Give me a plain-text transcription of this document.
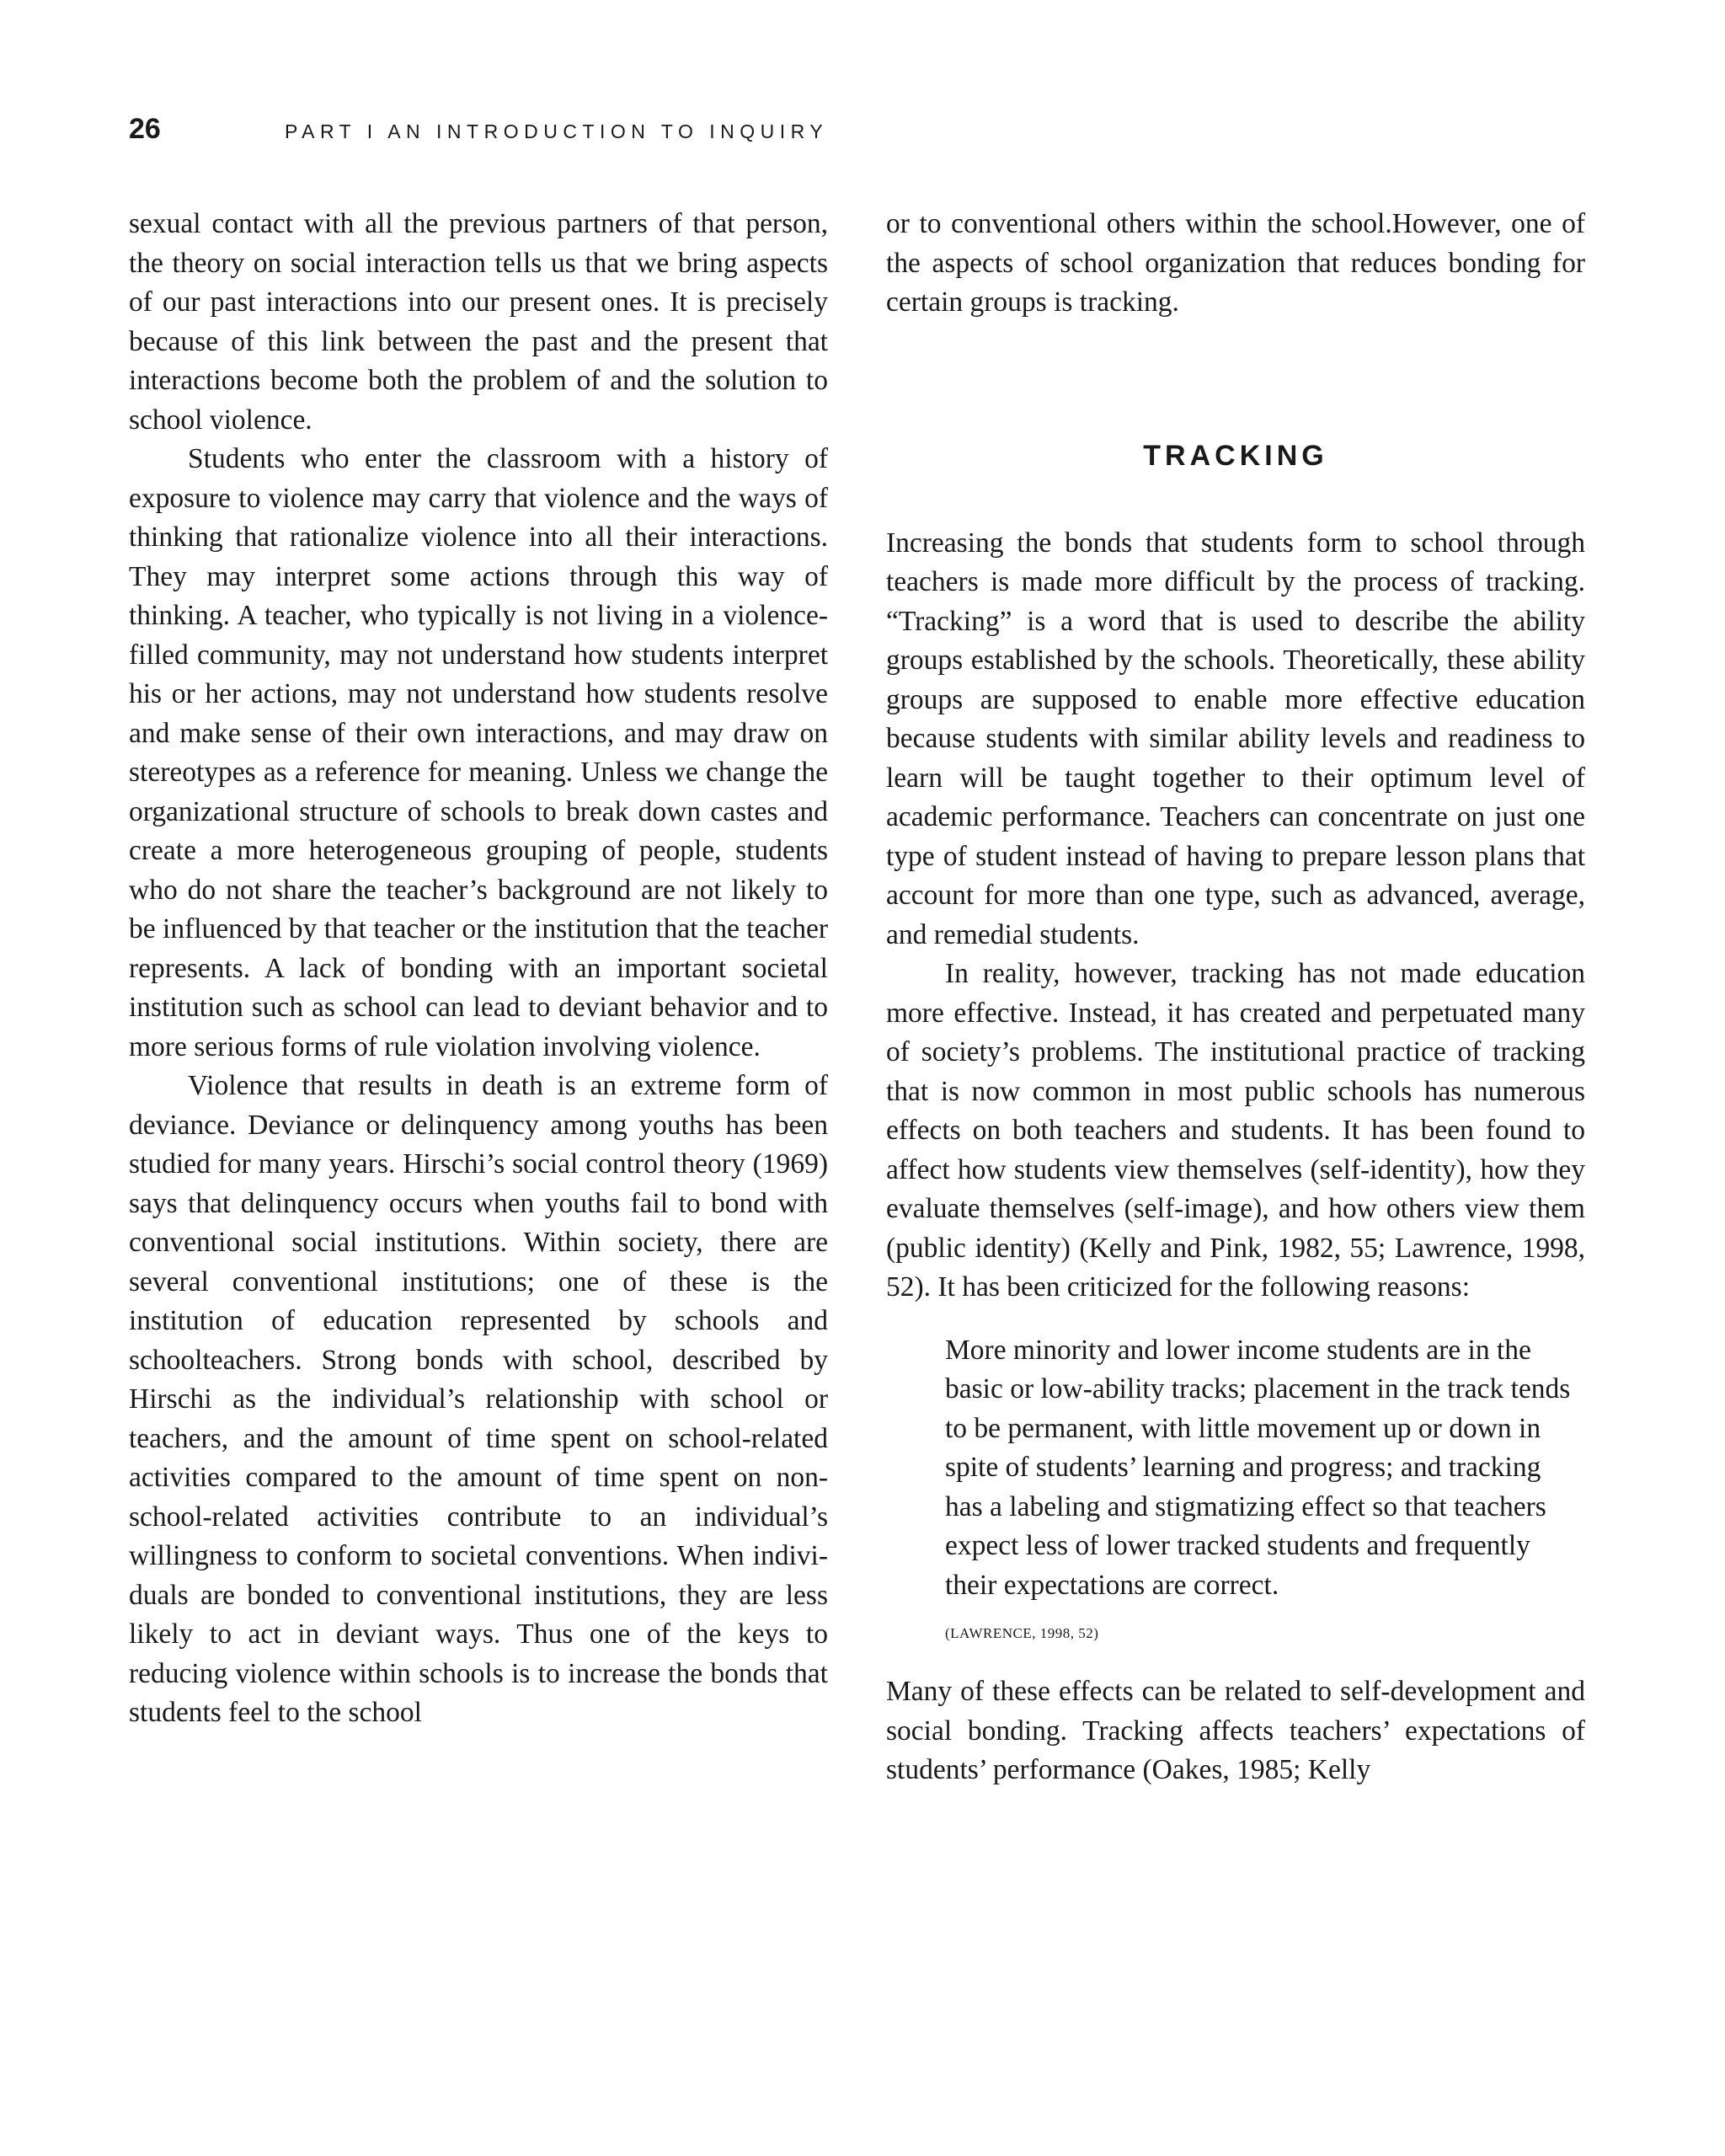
26	PART I AN INTRODUCTION TO INQUIRY

sexual contact with all the previous partners of that person, the theory on social interaction tells us that we bring aspects of our past interactions into our present ones. It is precisely because of this link between the past and the present that interactions become both the problem of and the solution to school violence.

Students who enter the classroom with a history of exposure to violence may carry that violence and the ways of thinking that rationalize violence into all their interactions. They may interpret some actions through this way of thinking. A teacher, who typically is not living in a violence-filled community, may not understand how students interpret his or her actions, may not understand how students resolve and make sense of their own interactions, and may draw on stereotypes as a reference for meaning. Unless we change the organizational structure of schools to break down castes and create a more heterogeneous grouping of people, students who do not share the teacher’s background are not likely to be influenced by that teacher or the institution that the teacher represents. A lack of bonding with an important societal institution such as school can lead to deviant behavior and to more serious forms of rule violation involving violence.

Violence that results in death is an extreme form of deviance. Deviance or delinquency among youths has been studied for many years. Hirschi’s social control theory (1969) says that delinquency occurs when youths fail to bond with conventional social institutions. Within society, there are several conventional institutions; one of these is the institution of education represented by schools and schoolteachers. Strong bonds with school, described by Hirschi as the individual’s relationship with school or teachers, and the amount of time spent on school-related activities compared to the amount of time spent on non-school-related activities contribute to an individual’s willingness to conform to societal conventions. When individuals are bonded to conventional institutions, they are less likely to act in deviant ways. Thus one of the keys to reducing violence within schools is to increase the bonds that students feel to the school

or to conventional others within the school.However, one of the aspects of school organization that reduces bonding for certain groups is tracking.

TRACKING

Increasing the bonds that students form to school through teachers is made more difficult by the process of tracking. “Tracking” is a word that is used to describe the ability groups established by the schools. Theoretically, these ability groups are supposed to enable more effective education because students with similar ability levels and readiness to learn will be taught together to their optimum level of academic performance. Teachers can concentrate on just one type of student instead of having to prepare lesson plans that account for more than one type, such as advanced, average, and remedial students.

In reality, however, tracking has not made education more effective. Instead, it has created and perpetuated many of society’s problems. The institutional practice of tracking that is now common in most public schools has numerous effects on both teachers and students. It has been found to affect how students view themselves (self-identity), how they evaluate themselves (self-image), and how others view them (public identity) (Kelly and Pink, 1982, 55; Lawrence, 1998, 52). It has been criticized for the following reasons:

More minority and lower income students are in the basic or low-ability tracks; placement in the track tends to be permanent, with little movement up or down in spite of students’ learning and progress; and tracking has a labeling and stigmatizing effect so that teachers expect less of lower tracked students and frequently their expectations are correct.

(LAWRENCE, 1998, 52)

Many of these effects can be related to self-development and social bonding. Tracking affects teachers’ expectations of students’ performance (Oakes, 1985; Kelly
